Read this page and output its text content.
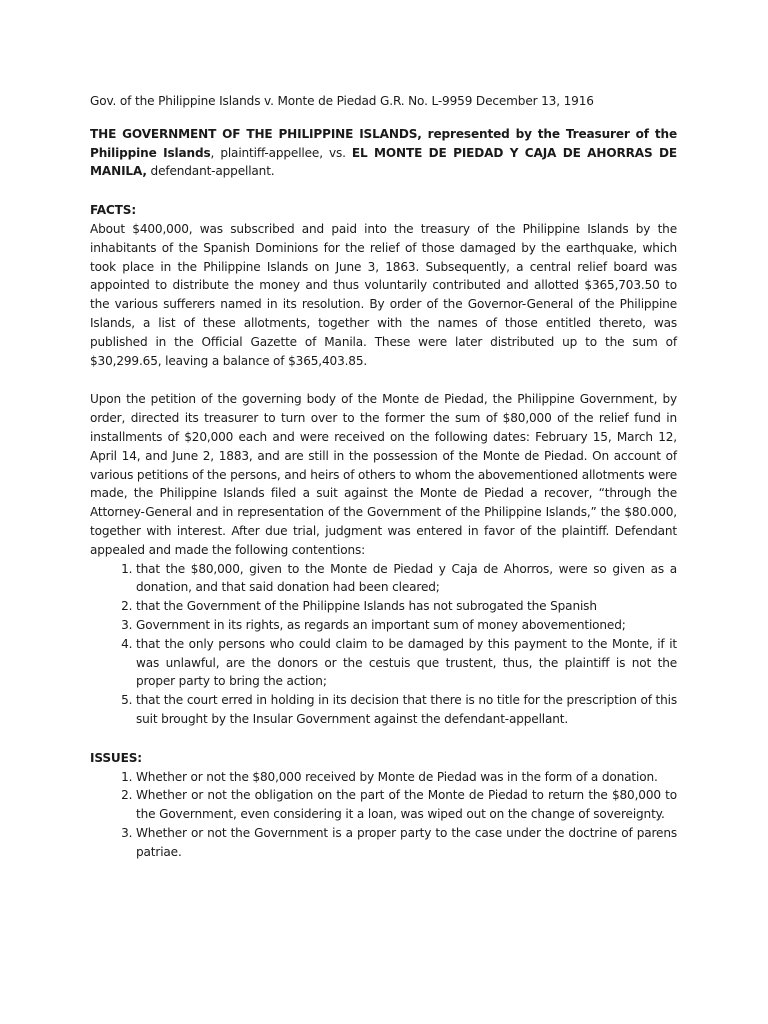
Gov. of the Philippine Islands v. Monte de Piedad G.R. No. L-9959 December 13, 1916

THE GOVERNMENT OF THE PHILIPPINE ISLANDS, represented by the Treasurer of the Philippine Islands, plaintiff-appellee, vs. EL MONTE DE PIEDAD Y CAJA DE AHORRAS DE MANILA, defendant-appellant.

FACTS:

About $400,000, was subscribed and paid into the treasury of the Philippine Islands by the inhabitants of the Spanish Dominions for the relief of those damaged by the earthquake, which took place in the Philippine Islands on June 3, 1863. Subsequently, a central relief board was appointed to distribute the money and thus voluntarily contributed and allotted $365,703.50 to the various sufferers named in its resolution. By order of the Governor-General of the Philippine Islands, a list of these allotments, together with the names of those entitled thereto, was published in the Official Gazette of Manila. These were later distributed up to the sum of $30,299.65, leaving a balance of $365,403.85.

Upon the petition of the governing body of the Monte de Piedad, the Philippine Government, by order, directed its treasurer to turn over to the former the sum of $80,000 of the relief fund in installments of $20,000 each and were received on the following dates: February 15, March 12, April 14, and June 2, 1883, and are still in the possession of the Monte de Piedad. On account of various petitions of the persons, and heirs of others to whom the abovementioned allotments were made, the Philippine Islands filed a suit against the Monte de Piedad a recover, “through the Attorney-General and in representation of the Government of the Philippine Islands,” the $80.000, together with interest. After due trial, judgment was entered in favor of the plaintiff. Defendant appealed and made the following contentions:

1. that the $80,000, given to the Monte de Piedad y Caja de Ahorros, were so given as a donation, and that said donation had been cleared;
2. that the Government of the Philippine Islands has not subrogated the Spanish
3. Government in its rights, as regards an important sum of money abovementioned;
4. that the only persons who could claim to be damaged by this payment to the Monte, if it was unlawful, are the donors or the cestuis que trustent, thus, the plaintiff is not the proper party to bring the action;
5. that the court erred in holding in its decision that there is no title for the prescription of this suit brought by the Insular Government against the defendant-appellant.

ISSUES:

1. Whether or not the $80,000 received by Monte de Piedad was in the form of a donation.
2. Whether or not the obligation on the part of the Monte de Piedad to return the $80,000 to the Government, even considering it a loan, was wiped out on the change of sovereignty.
3. Whether or not the Government is a proper party to the case under the doctrine of parens patriae.
